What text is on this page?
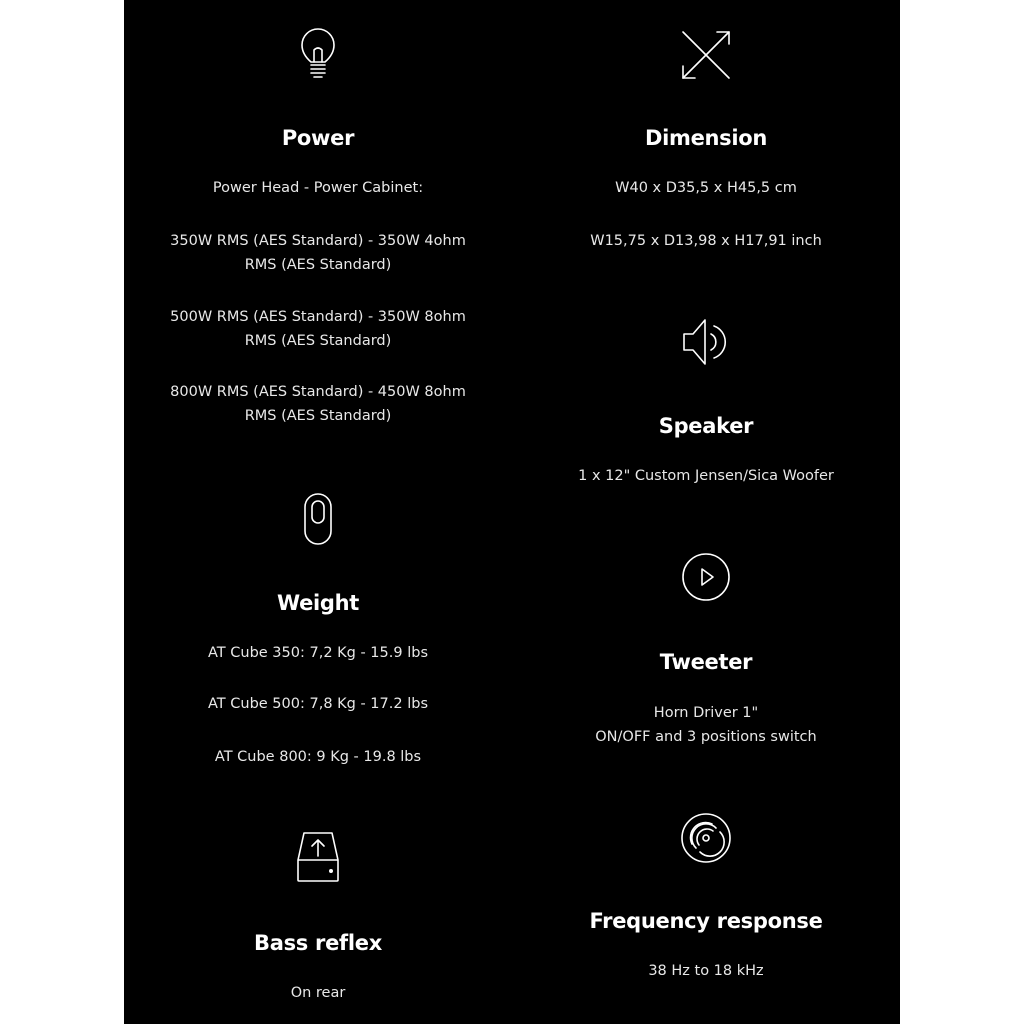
Power
Power Head - Power Cabinet:
350W RMS (AES Standard) - 350W 4ohm RMS (AES Standard)
500W RMS (AES Standard) - 350W 8ohm RMS (AES Standard)
800W RMS (AES Standard) - 450W 8ohm RMS (AES Standard)
Weight
AT Cube 350: 7,2 Kg - 15.9 lbs
AT Cube 500: 7,8 Kg - 17.2 lbs
AT Cube 800: 9 Kg - 19.8 lbs
Bass reflex
On rear
Dimension
W40 x D35,5 x H45,5 cm
W15,75 x D13,98 x H17,91 inch
Speaker
1 x 12" Custom Jensen/Sica Woofer
Tweeter
Horn Driver 1"
ON/OFF and 3 positions switch
Frequency response
38 Hz to 18 kHz
